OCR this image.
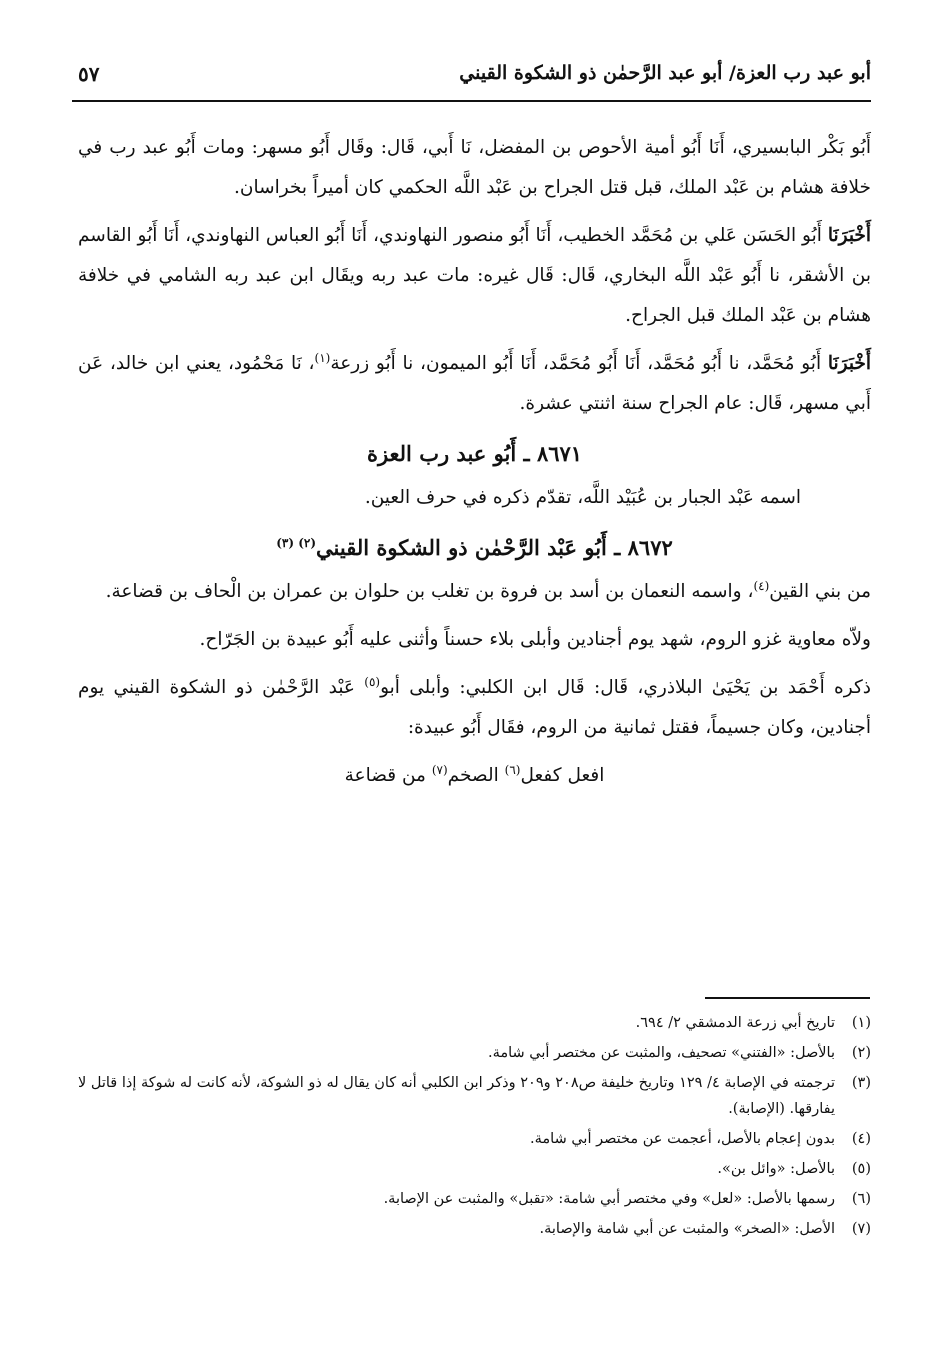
أبو عبد رب العزة/ أبو عبد الرَّحمٰن ذو الشكوة القيني
٥٧

أَبُو بَكْر البابسيري، أَنَا أَبُو أمية الأحوص بن المفضل، نَا أَبي، قَال: وقَال أَبُو مسهر: ومات أَبُو عبد رب في خلافة هشام بن عَبْد الملك، قبل قتل الجراح بن عَبْد اللَّه الحكمي كان أميراً بخراسان.

أَخْبَرَنَا أَبُو الحَسَن عَلي بن مُحَمَّد الخطيب، أَنَا أَبُو منصور النهاوندي، أَنَا أَبُو العباس النهاوندي، أَنَا أَبُو القاسم بن الأشقر، نا أَبُو عَبْد اللَّه البخاري، قَال: قَال غيره: مات عبد ربه ويقَال ابن عبد ربه الشامي في خلافة هشام بن عَبْد الملك قبل الجراح.

أَخْبَرَنَا أَبُو مُحَمَّد، نا أَبُو مُحَمَّد، أَنَا أَبُو مُحَمَّد، أَنَا أَبُو الميمون، نا أَبُو زرعة$^{(١)}$، نَا مَحْمُود، يعني ابن خالد، عَن أَبي مسهر، قَال: عام الجراح سنة اثنتي عشرة.

٨٦٧١ ـ أَبُو عبد رب العزة

اسمه عَبْد الجبار بن عُبَيْد اللَّه، تقدّم ذكره في حرف العين.

٨٦٧٢ ـ أَبُو عَبْد الرَّحْمٰن ذو الشكوة القيني$^{(٢) (٣)}$

من بني القين$^{(٤)}$، واسمه النعمان بن أسد بن فروة بن تغلب بن حلوان بن عمران بن الْحاف بن قضاعة.

ولاّه معاوية غزو الروم، شهد يوم أجنادين وأبلى بلاء حسناً وأثنى عليه أَبُو عبيدة بن الجَرّاح.

ذكره أَحْمَد بن يَحْيَىٰ البلاذري، قَال: قَال ابن الكلبي: وأبلى أبو$^{(٥)}$ عَبْد الرَّحْمٰن ذو الشكوة القيني يوم أجنادين، وكان جسيماً، فقتل ثمانية من الروم، فقَال أَبُو عبيدة:

افعل كفعل$^{(٦)}$ الصخم$^{(٧)}$ من قضاعة

(١)
تاريخ أبي زرعة الدمشقي ٢/ ٦٩٤.
(٢)
بالأصل: «الفتني» تصحيف، والمثبت عن مختصر أبي شامة.
(٣)
ترجمته في الإصابة ٤/ ١٢٩ وتاريخ خليفة ص٢٠٨ و٢٠٩ وذكر ابن الكلبي أنه كان يقال له ذو الشوكة، لأنه كانت له شوكة إذا قاتل لا يفارقها. (الإصابة).
(٤)
بدون إعجام بالأصل، أعجمت عن مختصر أبي شامة.
(٥)
بالأصل: «وائل بن».
(٦)
رسمها بالأصل: «لعل» وفي مختصر أبي شامة: «تقبل» والمثبت عن الإصابة.
(٧)
الأصل: «الصخر» والمثبت عن أبي شامة والإصابة.
